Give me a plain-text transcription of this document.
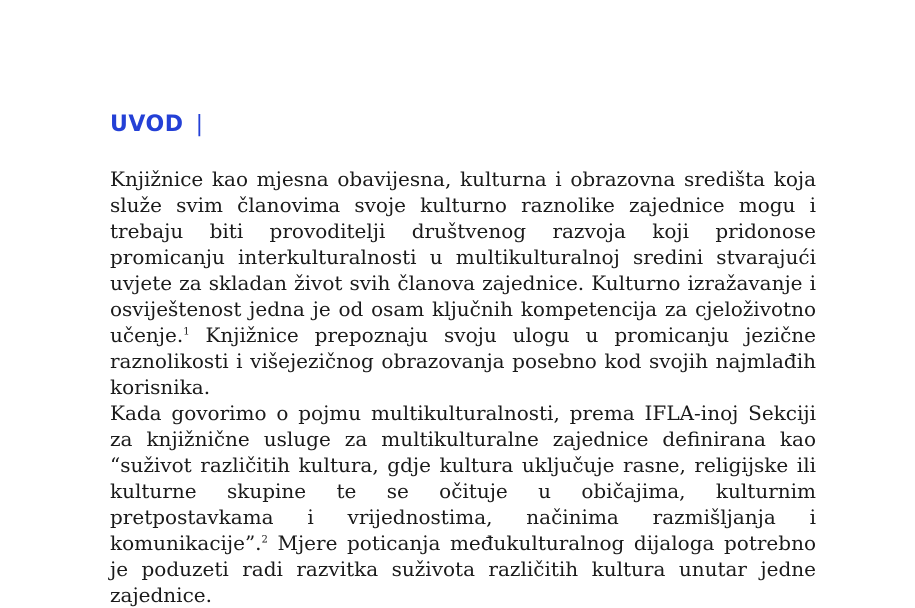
UVOD |

Knjižnice kao mjesna obavijesna, kulturna i obrazovna središta koja služe svim članovima svoje kulturno raznolike zajednice mogu i trebaju biti provoditelji društvenog razvoja koji pridonose promicanju interkulturalnosti u multikulturalnoj sredini stvarajući uvjete za skladan život svih članova zajednice. Kulturno izražavanje i osviještenost jedna je od osam ključnih kompetencija za cjeloživotno učenje.$^1$ Knjižnice prepoznaju svoju ulogu u promicanju jezične raznolikosti i višejezičnog obrazovanja posebno kod svojih najmlađih korisnika.

Kada govorimo o pojmu multikulturalnosti, prema IFLA-inoj Sekciji za knjižnične usluge za multikulturalne zajednice definirana kao “suživot različitih kultura, gdje kultura uključuje rasne, religijske ili kulturne skupine te se očituje u običajima, kulturnim pretpostavkama i vrijednostima, načinima razmišljanja i komunikacije”.$^2$ Mjere poticanja međukulturalnog dijaloga potrebno je poduzeti radi razvitka suživota različitih kultura unutar jedne zajednice.
